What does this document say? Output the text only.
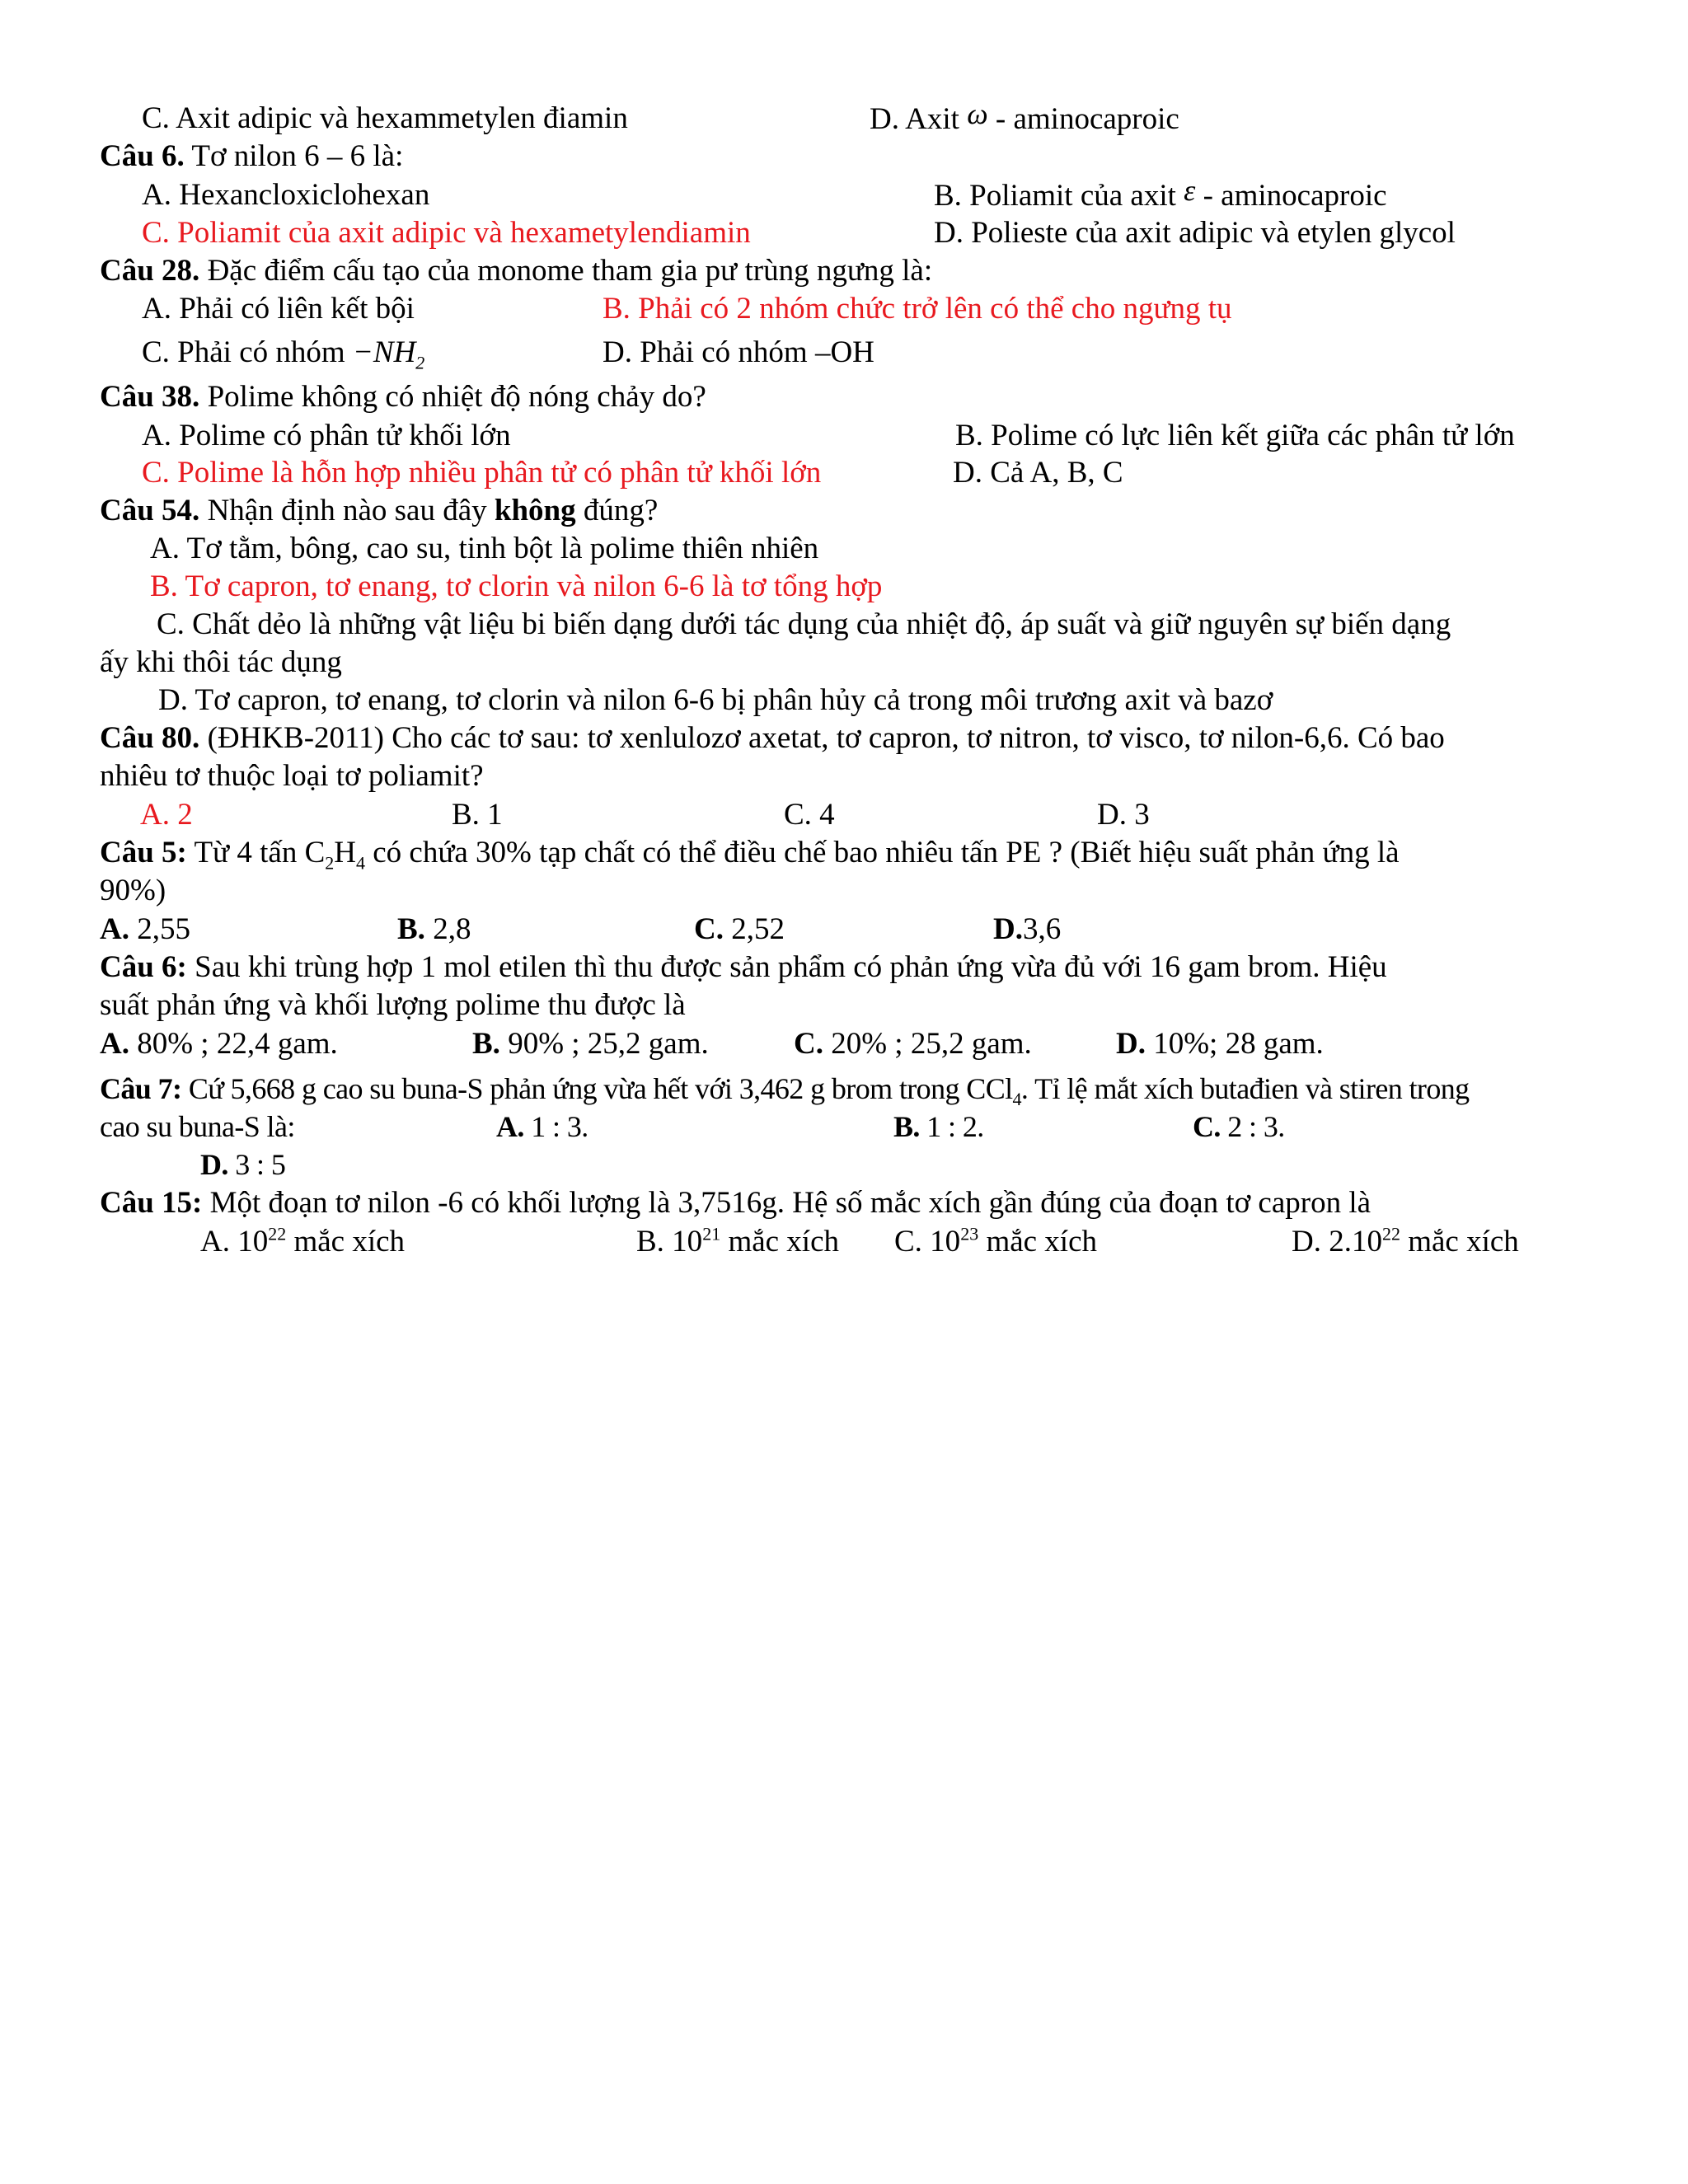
C. Axit adipic và hexammetylen điamin	D. Axit ω - aminocaproic
Câu 6. Tơ nilon 6 – 6 là:
A. Hexancloxiclohexan	B. Poliamit của axit ε - aminocaproic
C. Poliamit của axit adipic và hexametylendiamin	D. Polieste của axit adipic và etylen glycol
Câu 28. Đặc điểm cấu tạo của monome tham gia pư trùng ngưng là:
A. Phải có liên kết bội	B. Phải có 2 nhóm chức trở lên có thể cho ngưng tụ
C. Phải có nhóm $-NH_2$	D. Phải có nhóm –OH
Câu 38. Polime không có nhiệt độ nóng chảy do?
A. Polime có phân tử khối lớn	B. Polime có lực liên kết giữa các phân tử lớn
C. Polime là hỗn hợp nhiều phân tử có phân tử khối lớn	D. Cả A, B, C
Câu 54. Nhận định nào sau đây không đúng?
A. Tơ tằm, bông, cao su, tinh bột là polime thiên nhiên
B. Tơ capron, tơ enang, tơ clorin và nilon 6-6 là tơ tổng hợp
C. Chất dẻo là những vật liệu bi biến dạng dưới tác dụng của nhiệt độ, áp suất và giữ nguyên sự biến dạng
ấy khi thôi tác dụng
D. Tơ capron, tơ enang, tơ clorin và nilon 6-6 bị phân hủy cả trong môi trương axit và bazơ
Câu 80. (ĐHKB-2011) Cho các tơ sau: tơ xenlulozơ axetat, tơ capron, tơ nitron, tơ visco, tơ nilon-6,6. Có bao
nhiêu tơ thuộc loại tơ poliamit?
A. 2	B. 1	C. 4	D. 3
Câu 5: Từ 4 tấn $C_2H_4$ có chứa 30% tạp chất có thể điều chế bao nhiêu tấn PE ? (Biết hiệu suất phản ứng là
90%)
A. 2,55	B. 2,8	C. 2,52	D.3,6
Câu 6: Sau khi trùng hợp 1 mol etilen thì thu được sản phẩm có phản ứng vừa đủ với 16 gam brom. Hiệu
suất phản ứng và khối lượng polime thu được là
A. 80% ; 22,4 gam.	B. 90% ; 25,2 gam.	C. 20% ; 25,2 gam.	D. 10%; 28 gam.
Câu 7: Cứ 5,668 g cao su buna-S phản ứng vừa hết với 3,462 g brom trong CCl$_4$. Tỉ lệ mắt xích butađien và stiren trong
cao su buna-S là:	A. 1 : 3.	B. 1 : 2.	C. 2 : 3.
D. 3 : 5
Câu 15: Một đoạn tơ nilon -6 có khối lượng là 3,7516g. Hệ số mắc xích gần đúng của đoạn tơ capron là
A. $10^{22}$ mắc xích	B. $10^{21}$ mắc xích C. $10^{23}$ mắc xích	D. 2.10$^{22}$ mắc xích
